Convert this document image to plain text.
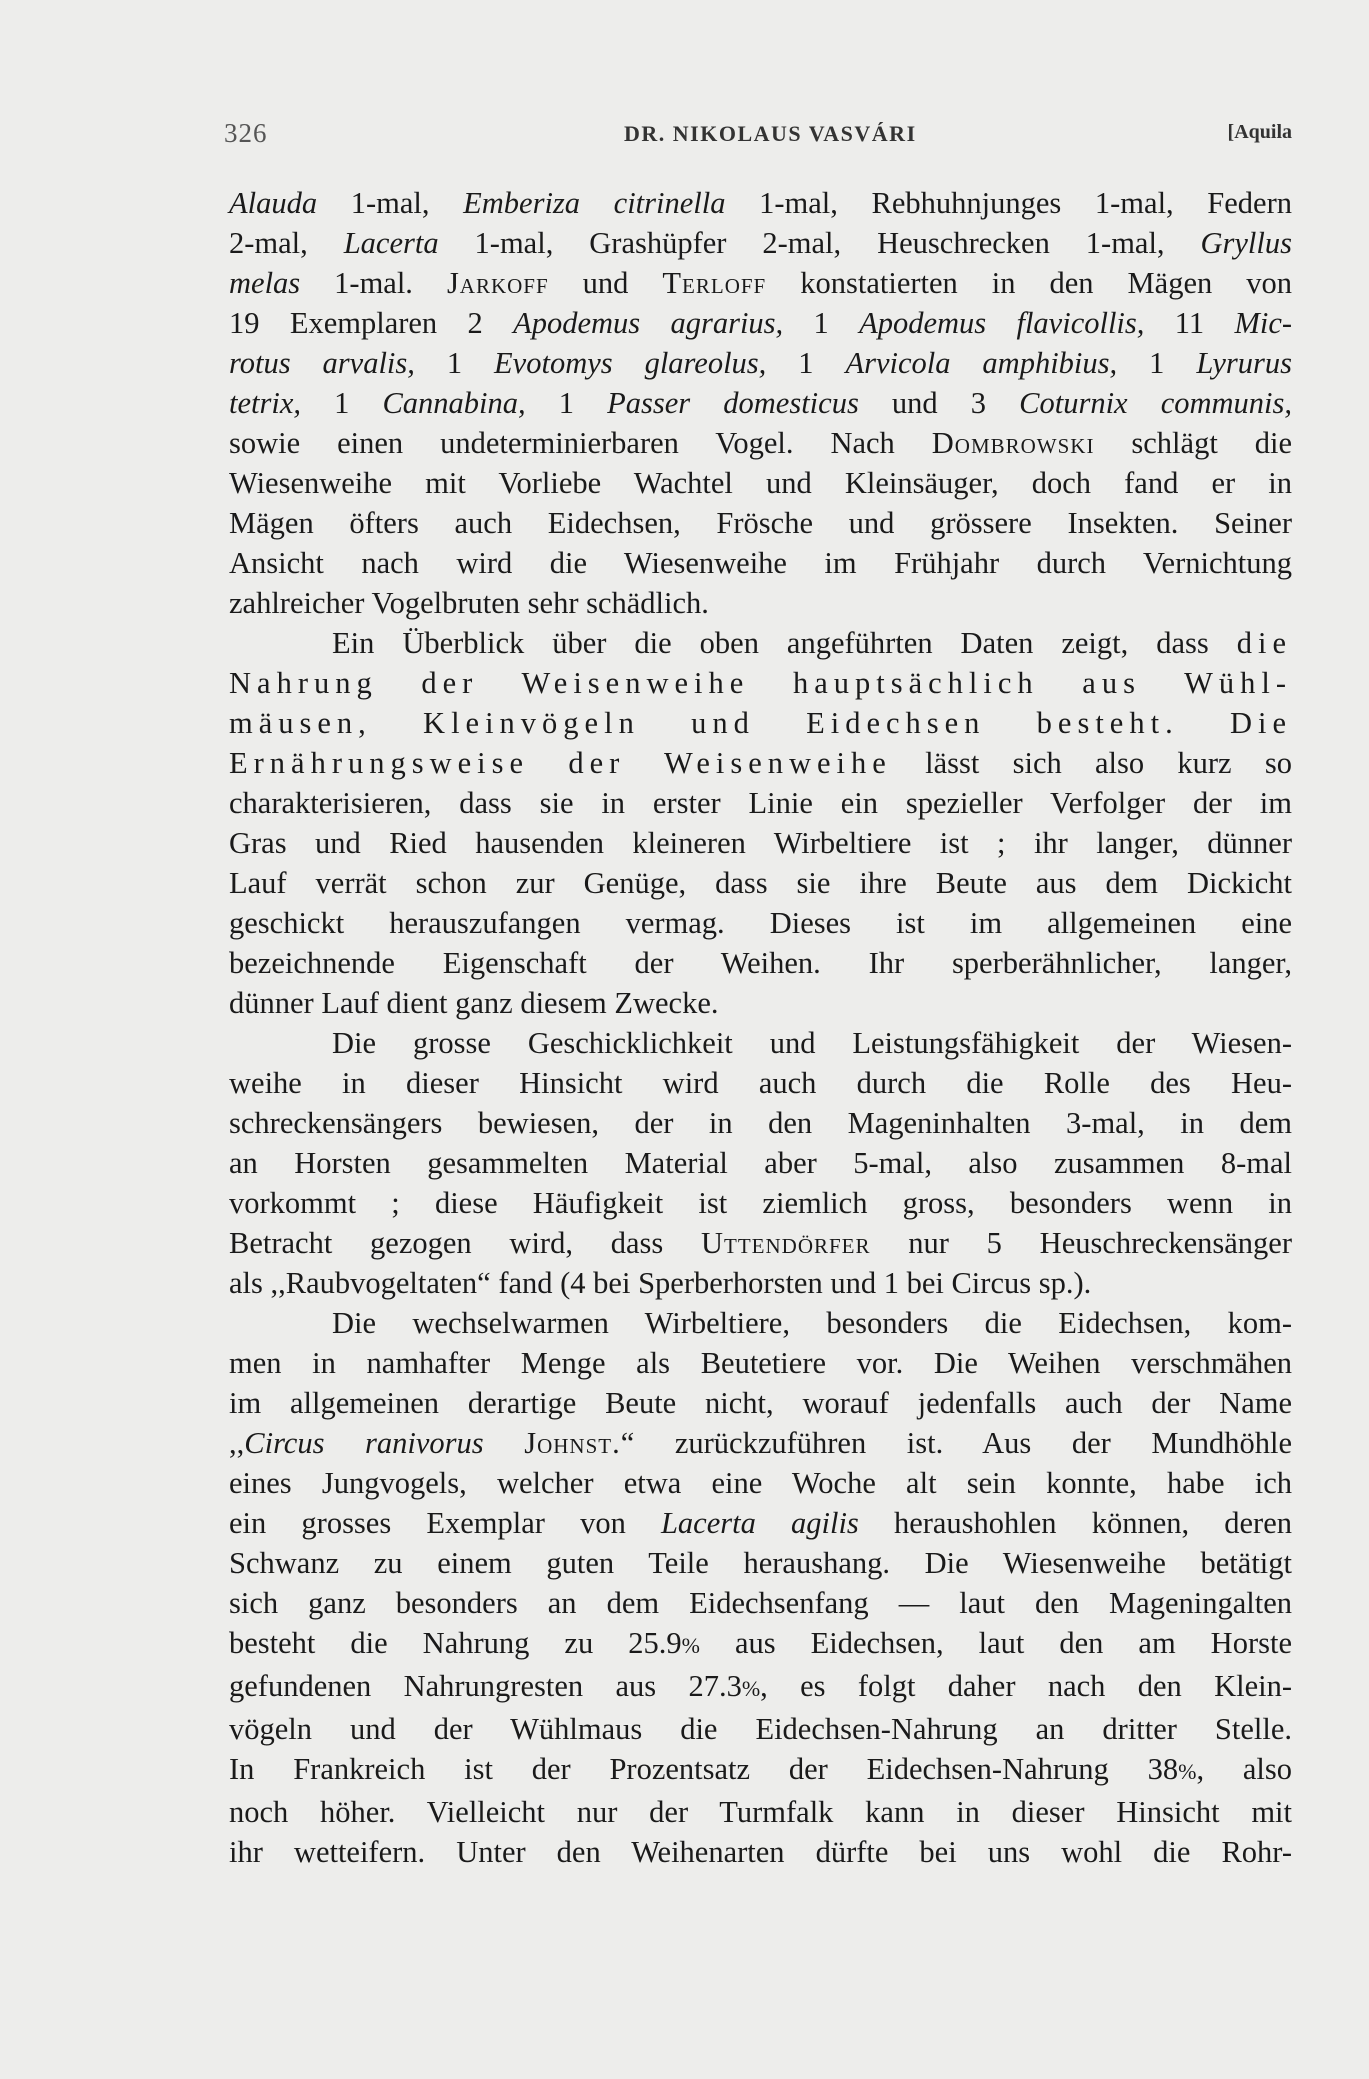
326	DR. NIKOLAUS VASVÁRI	[Aquila
Alauda 1-mal, Emberiza citrinella 1-mal, Rebhuhnjunges 1-mal, Federn
2-mal, Lacerta 1-mal, Grashüpfer 2-mal, Heuschrecken 1-mal, Gryllus
melas 1-mal. Jarkoff und Terloff konstatierten in den Mägen von
19 Exemplaren 2 Apodemus agrarius, 1 Apodemus flavicollis, 11 Mic-
rotus arvalis, 1 Evotomys glareolus, 1 Arvicola amphibius, 1 Lyrurus
tetrix, 1 Cannabina, 1 Passer domesticus und 3 Coturnix communis,
sowie einen undeterminierbaren Vogel. Nach Dombrowski schlägt die
Wiesenweihe mit Vorliebe Wachtel und Kleinsäuger, doch fand er in
Mägen öfters auch Eidechsen, Frösche und grössere Insekten. Seiner
Ansicht nach wird die Wiesenweihe im Frühjahr durch Vernichtung
zahlreicher Vogelbruten sehr schädlich.
Ein Überblick über die oben angeführten Daten zeigt, dass die
Nahrung der Weisenweihe hauptsächlich aus Wühl-
mäusen, Kleinvögeln und Eidechsen besteht. Die
Ernährungsweise der Weisenweihe lässt sich also kurz so
charakterisieren, dass sie in erster Linie ein spezieller Verfolger der im
Gras und Ried hausenden kleineren Wirbeltiere ist ; ihr langer, dünner
Lauf verrät schon zur Genüge, dass sie ihre Beute aus dem Dickicht
geschickt herauszufangen vermag. Dieses ist im allgemeinen eine
bezeichnende Eigenschaft der Weihen. Ihr sperberähnlicher, langer,
dünner Lauf dient ganz diesem Zwecke.
Die grosse Geschicklichkeit und Leistungsfähigkeit der Wiesen-
weihe in dieser Hinsicht wird auch durch die Rolle des Heu-
schreckensängers bewiesen, der in den Mageninhalten 3-mal, in dem
an Horsten gesammelten Material aber 5-mal, also zusammen 8-mal
vorkommt ; diese Häufigkeit ist ziemlich gross, besonders wenn in
Betracht gezogen wird, dass Uttendörfer nur 5 Heuschreckensänger
als ,,Raubvogeltaten“ fand (4 bei Sperberhorsten und 1 bei Circus sp.).
Die wechselwarmen Wirbeltiere, besonders die Eidechsen, kom-
men in namhafter Menge als Beutetiere vor. Die Weihen verschmähen
im allgemeinen derartige Beute nicht, worauf jedenfalls auch der Name
,,Circus ranivorus Johnst.“ zurückzuführen ist. Aus der Mundhöhle
eines Jungvogels, welcher etwa eine Woche alt sein konnte, habe ich
ein grosses Exemplar von Lacerta agilis heraushohlen können, deren
Schwanz zu einem guten Teile heraushang. Die Wiesenweihe betätigt
sich ganz besonders an dem Eidechsenfang — laut den Mageningalten
besteht die Nahrung zu 25.9% aus Eidechsen, laut den am Horste
gefundenen Nahrungresten aus 27.3%, es folgt daher nach den Klein-
vögeln und der Wühlmaus die Eidechsen-Nahrung an dritter Stelle.
In Frankreich ist der Prozentsatz der Eidechsen-Nahrung 38%, also
noch höher. Vielleicht nur der Turmfalk kann in dieser Hinsicht mit
ihr wetteifern. Unter den Weihenarten dürfte bei uns wohl die Rohr-
